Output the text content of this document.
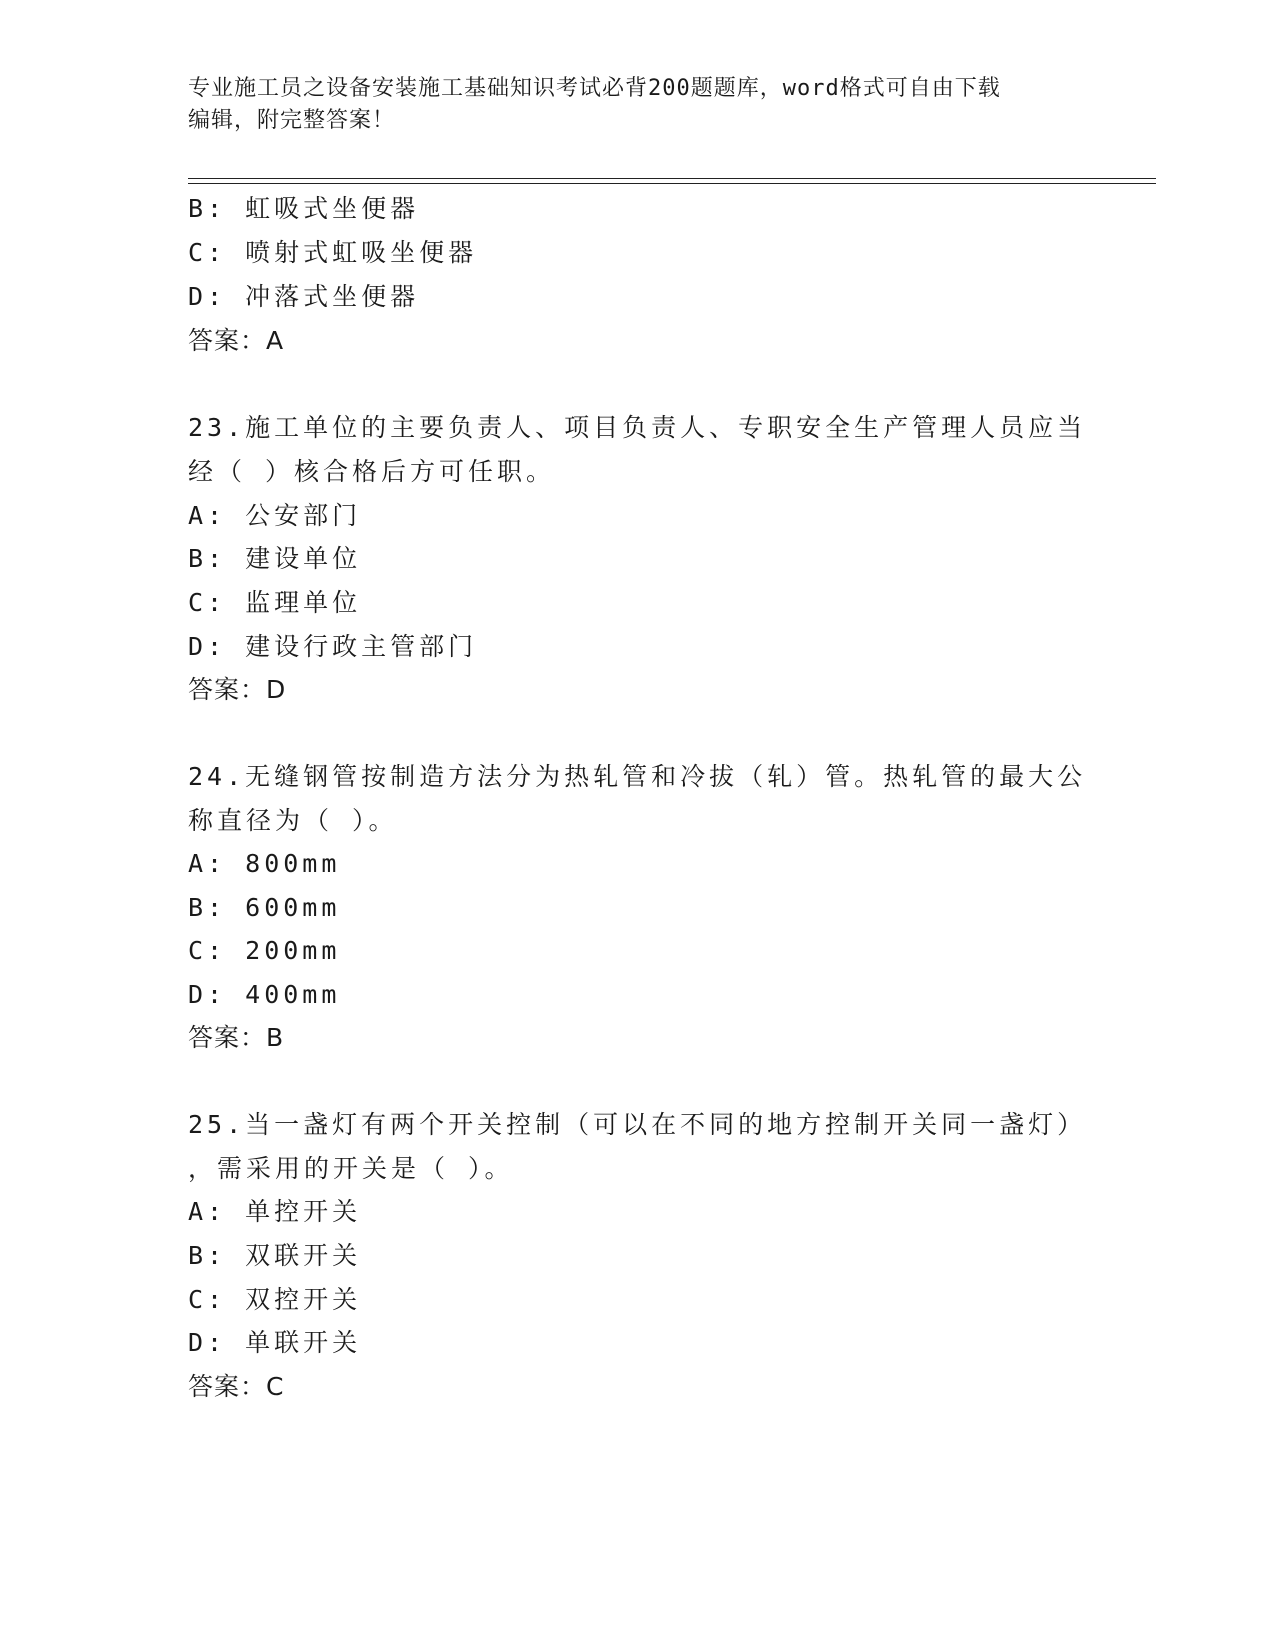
专业施工员之设备安装施工基础知识考试必背200题题库，word格式可自由下载
编辑，附完整答案！
B: 虹吸式坐便器
C: 喷射式虹吸坐便器
D: 冲落式坐便器
答案：A
23.施工单位的主要负责人、项目负责人、专职安全生产管理人员应当
经（ ）核合格后方可任职。
A: 公安部门
B: 建设单位
C: 监理单位
D: 建设行政主管部门
答案：D
24.无缝钢管按制造方法分为热轧管和冷拔（轧）管。热轧管的最大公
称直径为（ ）。
A: 800mm
B: 600mm
C: 200mm
D: 400mm
答案：B
25.当一盏灯有两个开关控制（可以在不同的地方控制开关同一盏灯）
，需采用的开关是（ ）。
A: 单控开关
B: 双联开关
C: 双控开关
D: 单联开关
答案：C
